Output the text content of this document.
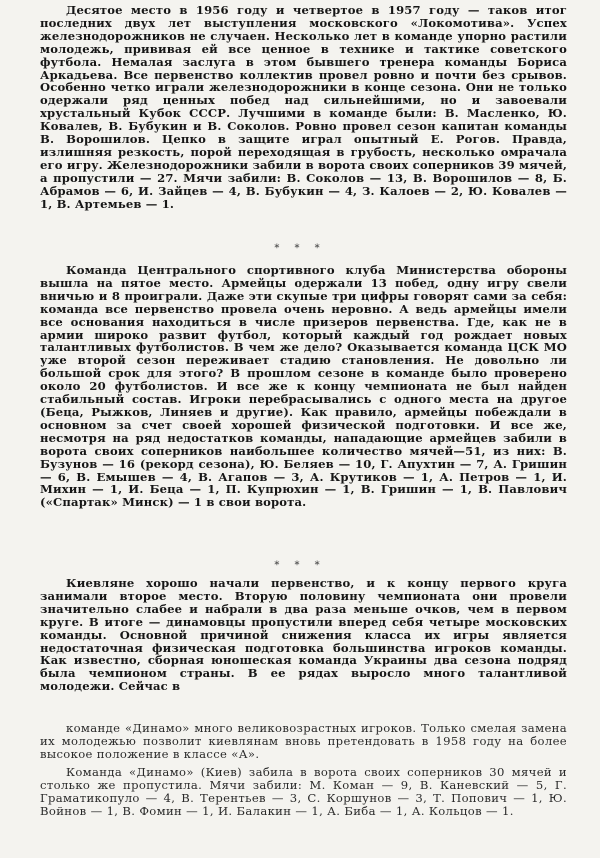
Десятое место в 1956 году и четвертое в 1957 году — таков итог последних двух лет выступления московского «Локомотива». Успех железнодорожников не случаен. Несколько лет в команде упорно растили молодежь, прививая ей все ценное в технике и тактике советского футбола. Немалая заслуга в этом бывшего тренера команды Бориса Аркадьева. Все первенство коллектив провел ровно и почти без срывов. Особенно четко играли железнодорожники в конце сезона. Они не только одержали ряд ценных побед над сильнейшими, но и завоевали хрустальный Кубок СССР. Лучшими в команде были: В. Масленко, Ю. Ковалев, В. Бубукин и В. Соколов. Ровно провел сезон капитан команды В. Ворошилов. Цепко в защите играл опытный Е. Рогов. Правда, излишняя резкость, порой переходящая в грубость, несколько омрачала его игру. Железнодорожники забили в ворота своих соперников 39 мячей, а пропустили — 27. Мячи забили: В. Соколов — 13, В. Ворошилов — 8, Б. Абрамов — 6, И. Зайцев — 4, В. Бубукин — 4, З. Калоев — 2, Ю. Ковалев — 1, В. Артемьев — 1.

* * *

Команда Центрального спортивного клуба Министерства обороны вышла на пятое место. Армейцы одержали 13 побед, одну игру свели вничью и 8 проиграли. Даже эти скупые три цифры говорят сами за себя: команда все первенство провела очень неровно. А ведь армейцы имели все основания находиться в числе призеров первенства. Где, как не в армии широко развит футбол, который каждый год рождает новых талантливых футболистов. В чем же дело? Оказывается команда ЦСК МО уже второй сезон переживает стадию становления. Не довольно ли большой срок для этого? В прошлом сезоне в команде было проверено около 20 футболистов. И все же к концу чемпионата не был найден стабильный состав. Игроки перебрасывались с одного места на другое (Беца, Рыжков, Линяев и другие). Как правило, армейцы побеждали в основном за счет своей хорошей физической подготовки. И все же, несмотря на ряд недостатков команды, нападающие армейцев забили в ворота своих соперников наибольшее количество мячей—51, из них: В. Бузунов — 16 (рекорд сезона), Ю. Беляев — 10, Г. Апухтин — 7, А. Гришин — 6, В. Емышев — 4, В. Агапов — 3, А. Крутиков — 1, А. Петров — 1, И. Михин — 1, И. Беца — 1, П. Купрюхин — 1, В. Гришин — 1, В. Павлович («Спартак» Минск) — 1 в свои ворота.

* * *

Киевляне хорошо начали первенство, и к концу первого круга занимали второе место. Вторую половину чемпионата они провели значительно слабее и набрали в два раза меньше очков, чем в первом круге. В итоге — динамовцы пропустили вперед себя четыре московских команды. Основной причиной снижения класса их игры является недостаточная физическая подготовка большинства игроков команды. Как известно, сборная юношеская команда Украины два сезона подряд была чемпионом страны. В ее рядах выросло много талантливой молодежи. Сейчас в

команде «Динамо» много великовозрастных игроков. Только смелая замена их молодежью позволит киевлянам вновь претендовать в 1958 году на более высокое положение в классе «А».

Команда «Динамо» (Киев) забила в ворота своих соперников 30 мячей и столько же пропустила. Мячи забили: М. Коман — 9, В. Каневский — 5, Г. Граматикопуло — 4, В. Терентьев — 3, С. Коршунов — 3, Т. Попович — 1, Ю. Войнов — 1, В. Фомин — 1, И. Балакин — 1, А. Биба — 1, А. Кольцов — 1.
